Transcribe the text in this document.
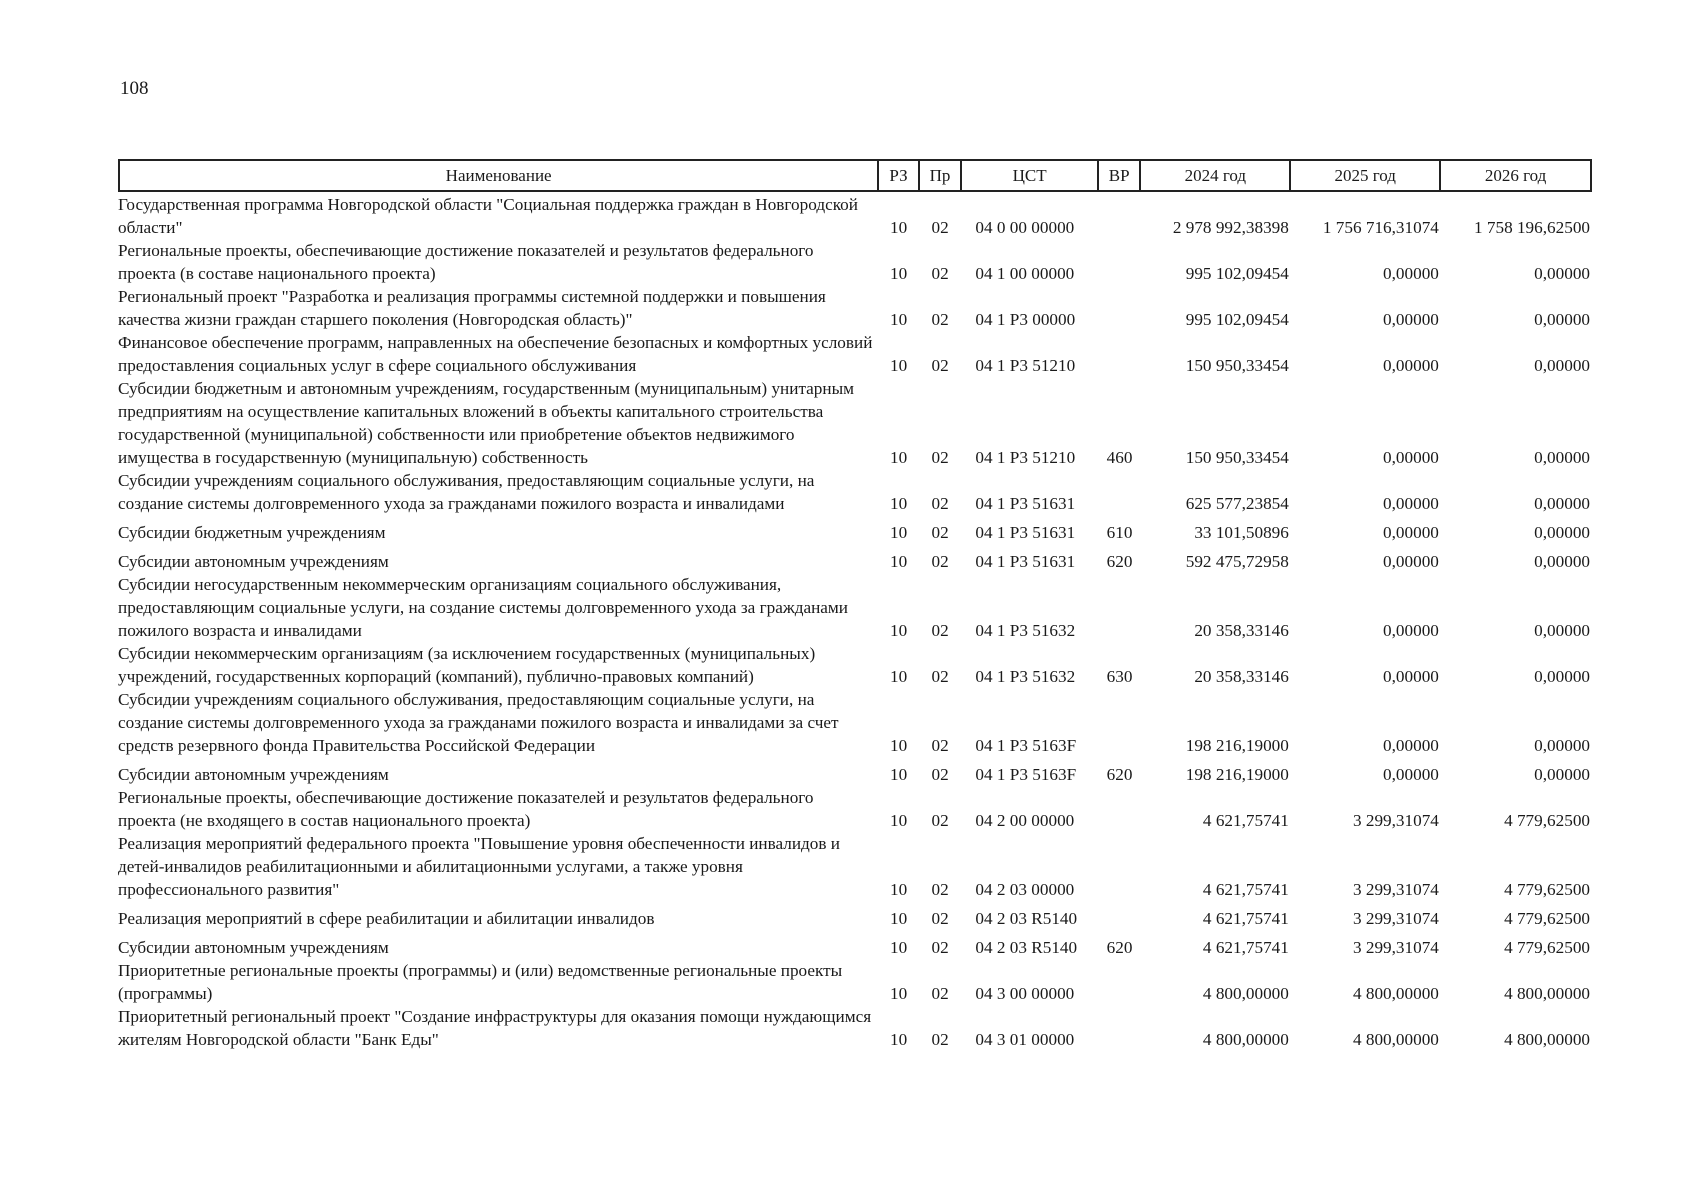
108
Наименование	РЗ	Пр	ЦСТ	ВР	2024 год	2025 год	2026 год
Государственная программа Новгородской области "Социальная поддержка граждан в Новгородской области"	10	02	04 0 00 00000		2 978 992,38398	1 756 716,31074	1 758 196,62500
Региональные проекты, обеспечивающие достижение показателей и результатов федерального проекта (в составе национального проекта)	10	02	04 1 00 00000		995 102,09454	0,00000	0,00000
Региональный проект "Разработка и реализация программы системной поддержки и повышения качества жизни граждан старшего поколения (Новгородская область)"	10	02	04 1 Р3 00000		995 102,09454	0,00000	0,00000
Финансовое обеспечение программ, направленных на обеспечение безопасных и комфортных условий предоставления социальных услуг в сфере социального обслуживания	10	02	04 1 Р3 51210		150 950,33454	0,00000	0,00000
Субсидии бюджетным и автономным учреждениям, государственным (муниципальным) унитарным предприятиям на осуществление капитальных вложений в объекты капитального строительства государственной (муниципальной) собственности или приобретение объектов недвижимого имущества в государственную (муниципальную) собственность	10	02	04 1 Р3 51210	460	150 950,33454	0,00000	0,00000
Субсидии учреждениям социального обслуживания, предоставляющим социальные услуги, на создание системы долговременного ухода за гражданами пожилого возраста и инвалидами	10	02	04 1 Р3 51631		625 577,23854	0,00000	0,00000
Субсидии бюджетным учреждениям	10	02	04 1 Р3 51631	610	33 101,50896	0,00000	0,00000
Субсидии автономным учреждениям	10	02	04 1 Р3 51631	620	592 475,72958	0,00000	0,00000
Субсидии негосударственным некоммерческим организациям социального обслуживания, предоставляющим социальные услуги, на создание системы долговременного ухода за гражданами пожилого возраста и инвалидами	10	02	04 1 Р3 51632		20 358,33146	0,00000	0,00000
Субсидии некоммерческим организациям (за исключением государственных (муниципальных) учреждений, государственных корпораций (компаний), публично-правовых компаний)	10	02	04 1 Р3 51632	630	20 358,33146	0,00000	0,00000
Субсидии учреждениям социального обслуживания, предоставляющим социальные услуги, на создание системы долговременного ухода за гражданами пожилого возраста и инвалидами за счет средств резервного фонда Правительства Российской Федерации	10	02	04 1 Р3 5163F		198 216,19000	0,00000	0,00000
Субсидии автономным учреждениям	10	02	04 1 Р3 5163F	620	198 216,19000	0,00000	0,00000
Региональные проекты, обеспечивающие достижение показателей и результатов федерального проекта (не входящего в состав национального проекта)	10	02	04 2 00 00000		4 621,75741	3 299,31074	4 779,62500
Реализация мероприятий федерального проекта "Повышение уровня обеспеченности инвалидов и детей-инвалидов реабилитационными и абилитационными услугами, а также уровня профессионального развития"	10	02	04 2 03 00000		4 621,75741	3 299,31074	4 779,62500
Реализация мероприятий в сфере реабилитации и абилитации инвалидов	10	02	04 2 03 R5140		4 621,75741	3 299,31074	4 779,62500
Субсидии автономным учреждениям	10	02	04 2 03 R5140	620	4 621,75741	3 299,31074	4 779,62500
Приоритетные региональные проекты (программы) и (или) ведомственные региональные проекты (программы)	10	02	04 3 00 00000		4 800,00000	4 800,00000	4 800,00000
Приоритетный региональный проект "Создание инфраструктуры для оказания помощи нуждающимся жителям Новгородской области "Банк Еды"	10	02	04 3 01 00000		4 800,00000	4 800,00000	4 800,00000
